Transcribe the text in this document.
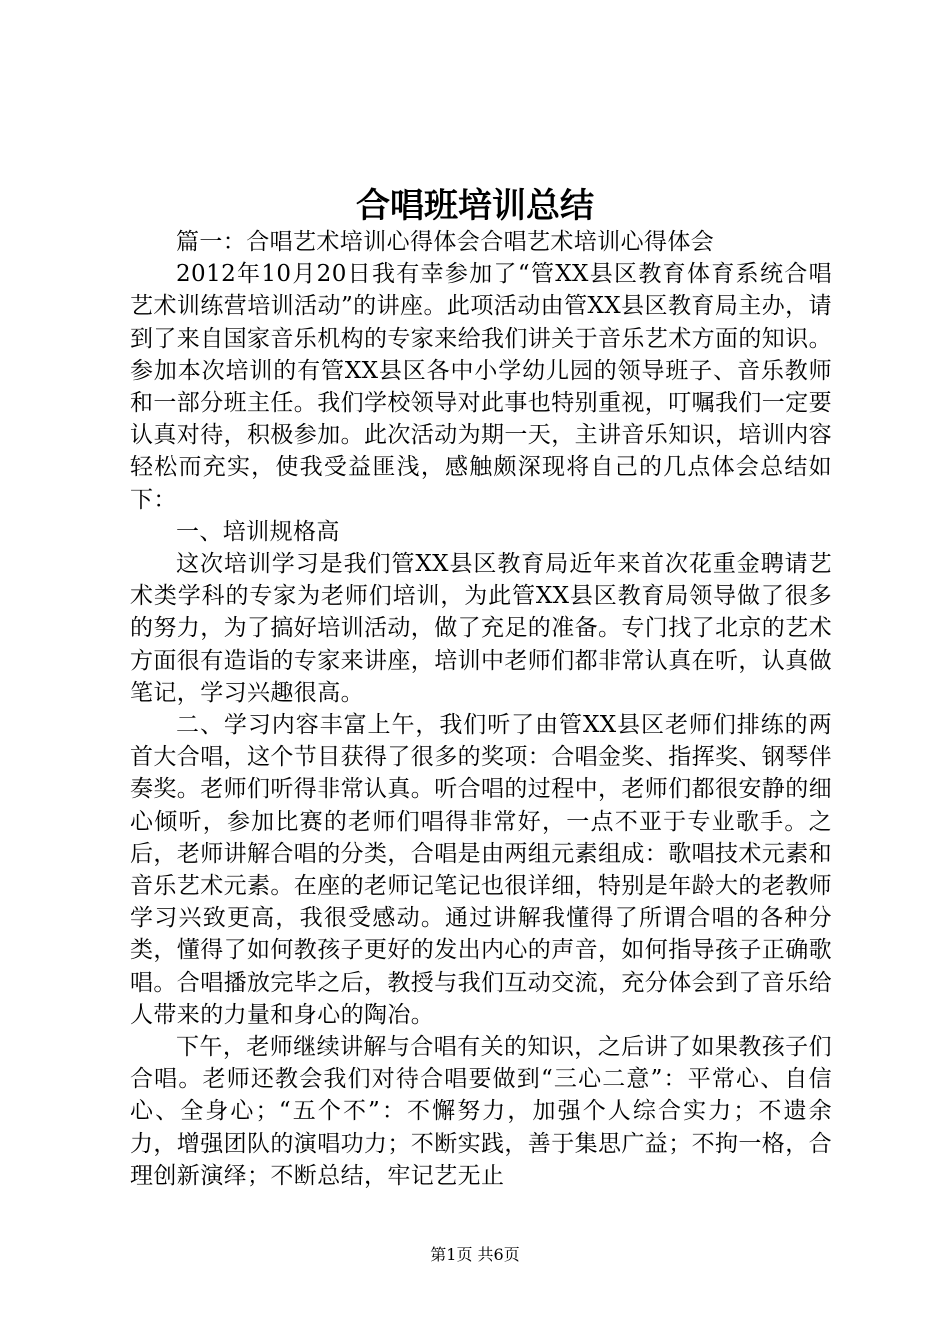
合唱班培训总结

篇一：合唱艺术培训心得体会合唱艺术培训心得体会

2012年10月20日我有幸参加了“管XX县区教育体育系统合唱艺术训练营培训活动”的讲座。此项活动由管XX县区教育局主办，请到了来自国家音乐机构的专家来给我们讲关于音乐艺术方面的知识。参加本次培训的有管XX县区各中小学幼儿园的领导班子、音乐教师和一部分班主任。我们学校领导对此事也特别重视，叮嘱我们一定要认真对待，积极参加。此次活动为期一天，主讲音乐知识，培训内容轻松而充实，使我受益匪浅，感触颇深现将自己的几点体会总结如下：

一、培训规格高

这次培训学习是我们管XX县区教育局近年来首次花重金聘请艺术类学科的专家为老师们培训，为此管XX县区教育局领导做了很多的努力，为了搞好培训活动，做了充足的准备。专门找了北京的艺术方面很有造诣的专家来讲座，培训中老师们都非常认真在听，认真做笔记，学习兴趣很高。

二、学习内容丰富上午，我们听了由管XX县区老师们排练的两首大合唱，这个节目获得了很多的奖项：合唱金奖、指挥奖、钢琴伴奏奖。老师们听得非常认真。听合唱的过程中，老师们都很安静的细心倾听，参加比赛的老师们唱得非常好，一点不亚于专业歌手。之后，老师讲解合唱的分类，合唱是由两组元素组成：歌唱技术元素和音乐艺术元素。在座的老师记笔记也很详细，特别是年龄大的老教师学习兴致更高，我很受感动。通过讲解我懂得了所谓合唱的各种分类，懂得了如何教孩子更好的发出内心的声音，如何指导孩子正确歌唱。合唱播放完毕之后，教授与我们互动交流，充分体会到了音乐给人带来的力量和身心的陶冶。

下午，老师继续讲解与合唱有关的知识，之后讲了如果教孩子们合唱。老师还教会我们对待合唱要做到“三心二意”：平常心、自信心、全身心；“五个不”：不懈努力，加强个人综合实力；不遗余力，增强团队的演唱功力；不断实践，善于集思广益；不拘一格，合理创新演绎；不断总结，牢记艺无止

第1页 共6页
